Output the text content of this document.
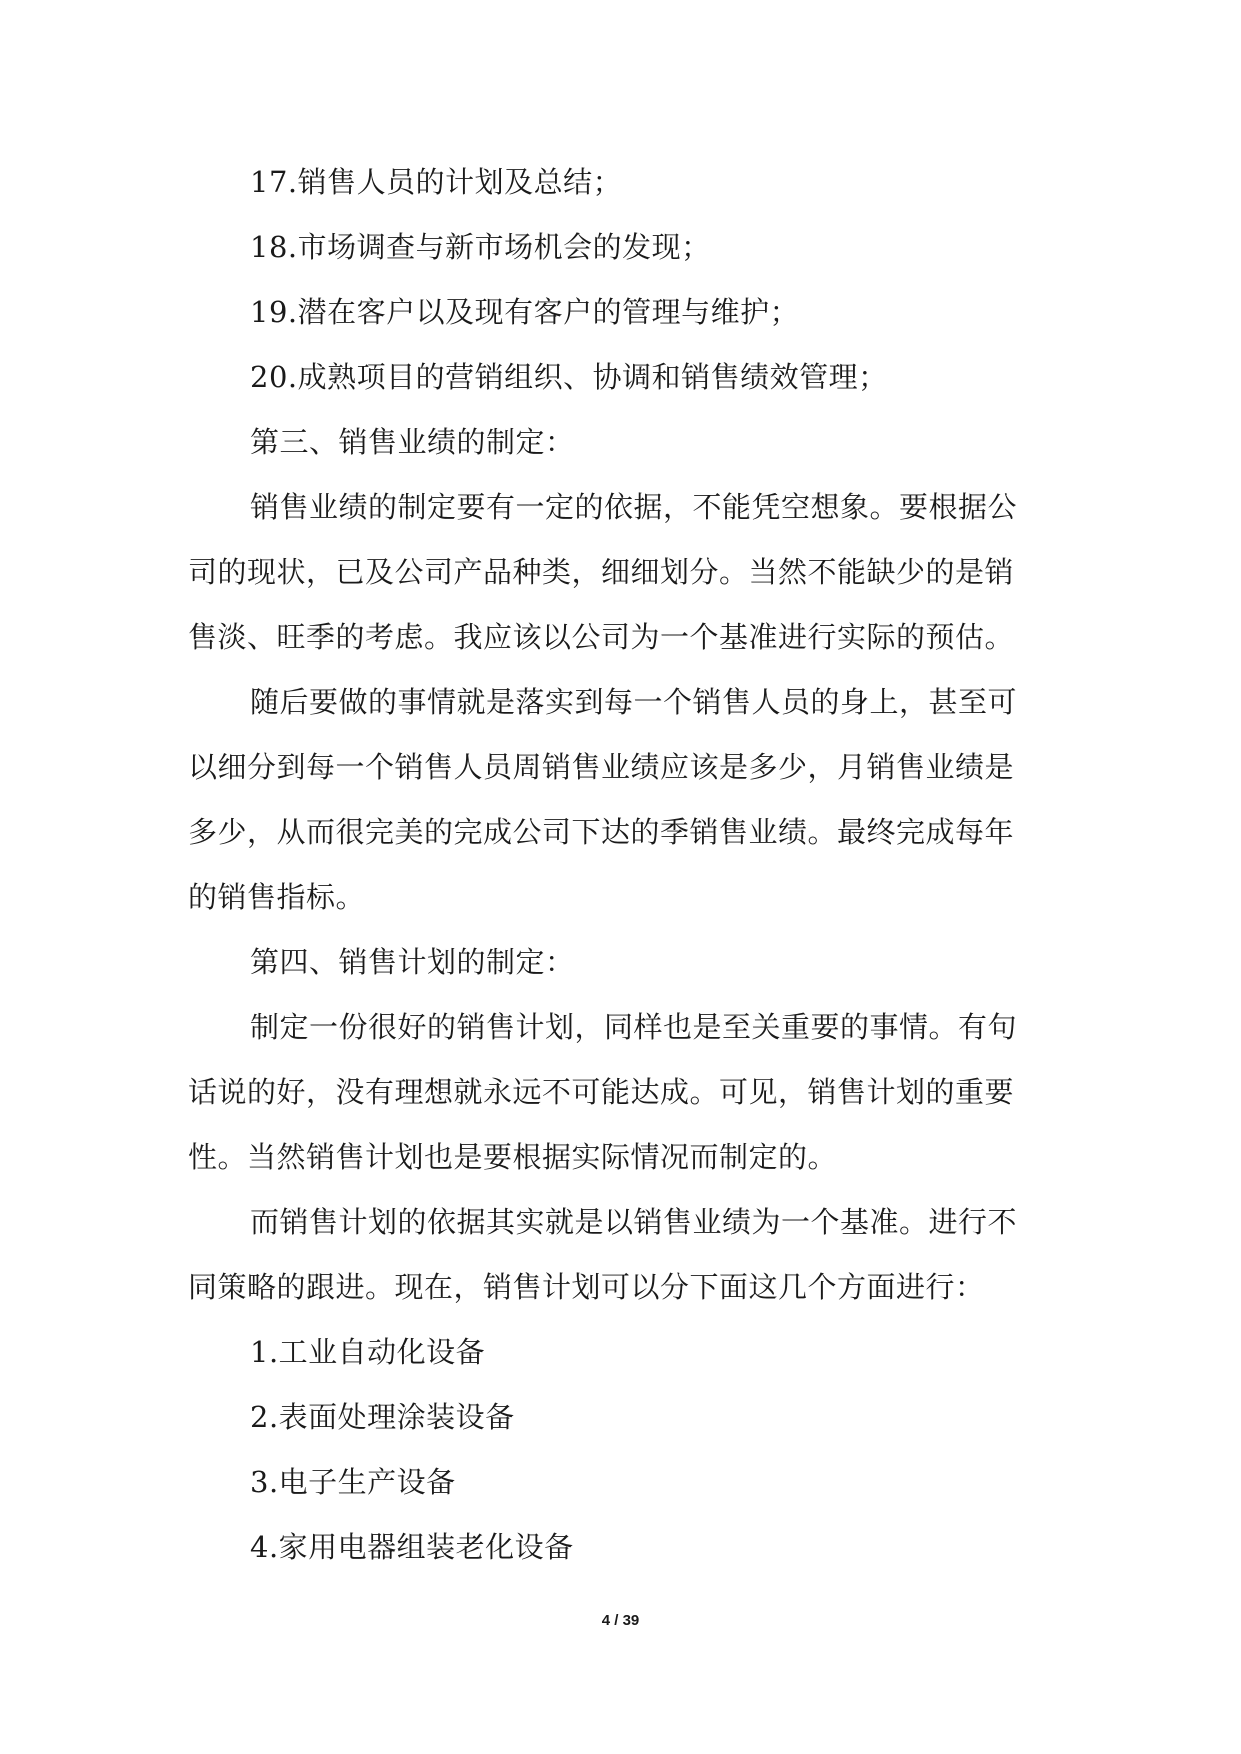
17.销售人员的计划及总结；
18.市场调查与新市场机会的发现；
19.潜在客户以及现有客户的管理与维护；
20.成熟项目的营销组织、协调和销售绩效管理；
第三、销售业绩的制定：
销售业绩的制定要有一定的依据，不能凭空想象。要根据公
司的现状，已及公司产品种类，细细划分。当然不能缺少的是销
售淡、旺季的考虑。我应该以公司为一个基准进行实际的预估。
随后要做的事情就是落实到每一个销售人员的身上，甚至可
以细分到每一个销售人员周销售业绩应该是多少，月销售业绩是
多少，从而很完美的完成公司下达的季销售业绩。最终完成每年
的销售指标。
第四、销售计划的制定：
制定一份很好的销售计划，同样也是至关重要的事情。有句
话说的好，没有理想就永远不可能达成。可见，销售计划的重要
性。当然销售计划也是要根据实际情况而制定的。
而销售计划的依据其实就是以销售业绩为一个基准。进行不
同策略的跟进。现在，销售计划可以分下面这几个方面进行：
1.工业自动化设备
2.表面处理涂装设备
3.电子生产设备
4.家用电器组装老化设备
4 / 39
